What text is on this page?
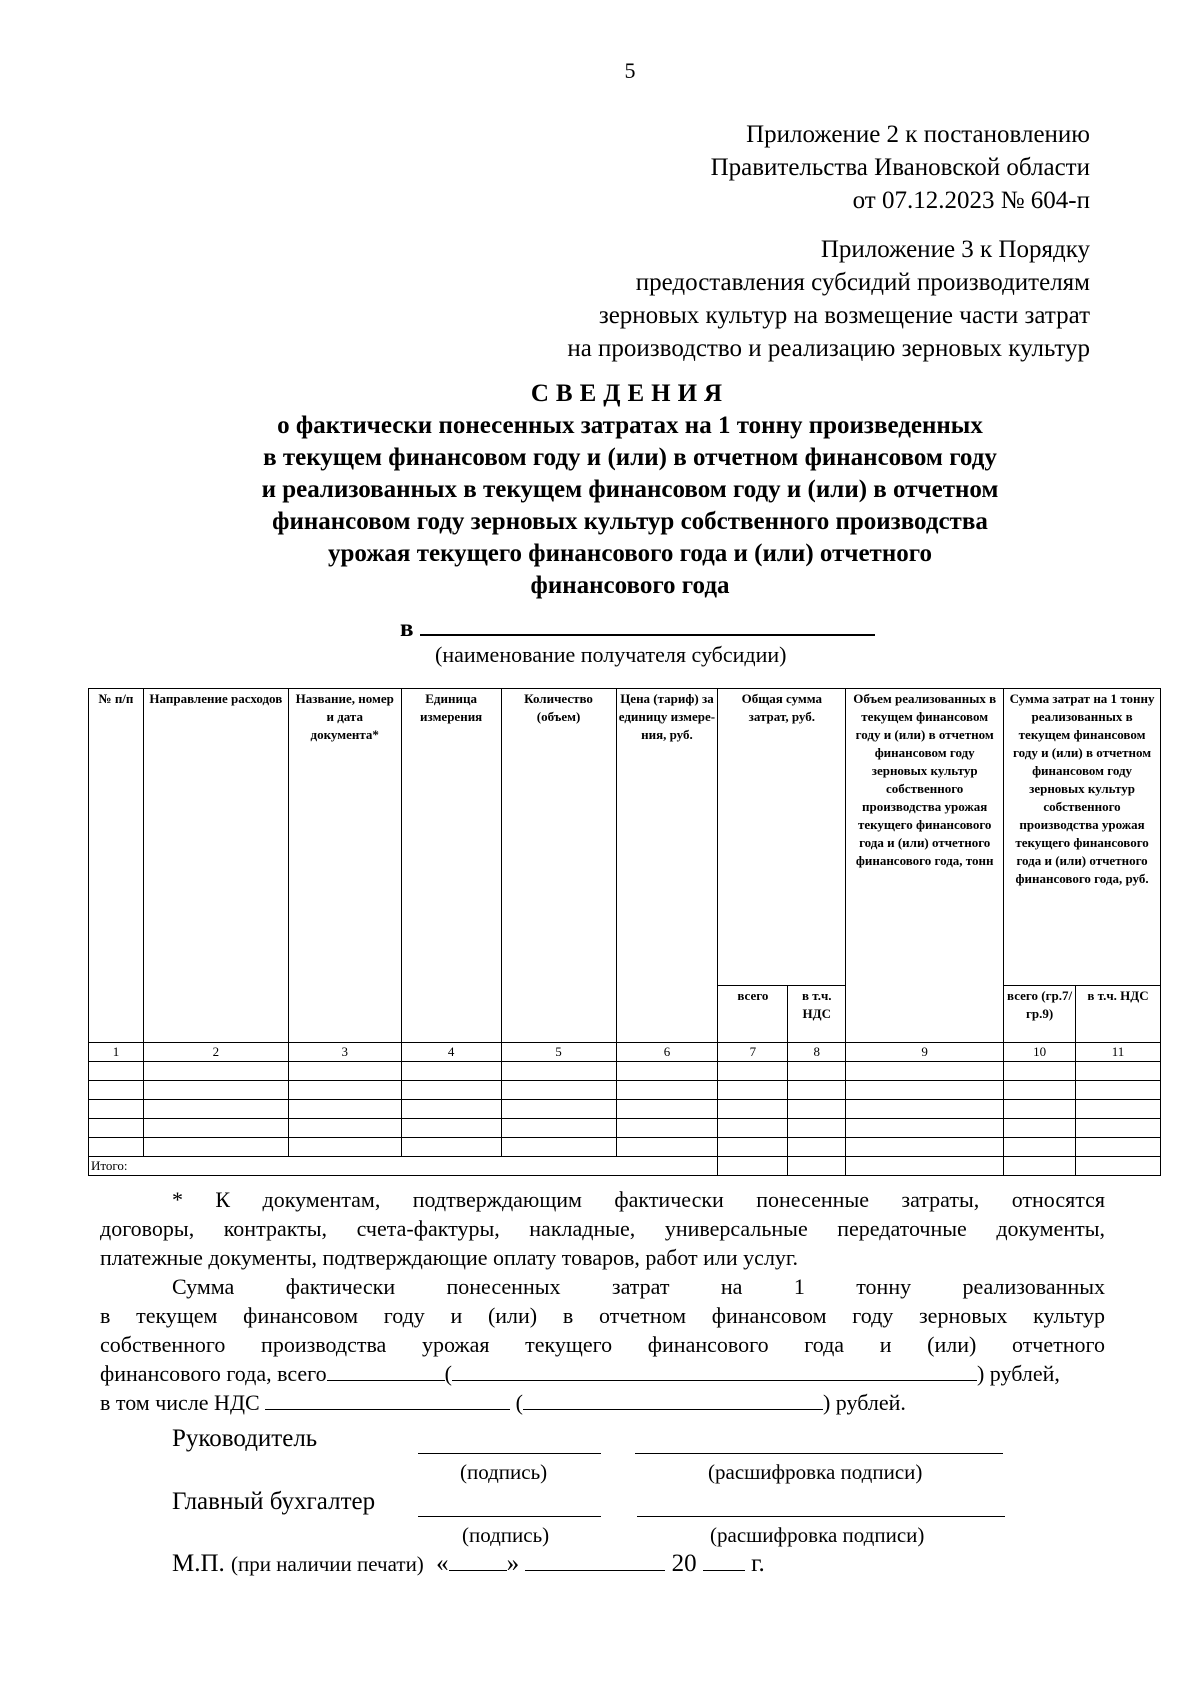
5
Приложение 2 к постановлению
Правительства Ивановской области
от 07.12.2023 № 604-п
Приложение 3 к Порядку
предоставления субсидий производителям
зерновых культур на возмещение части затрат
на производство и реализацию зерновых культур
СВЕДЕНИЯ
о фактически понесенных затратах на 1 тонну произведенных
в текущем финансовом году и (или) в отчетном финансовом году
и реализованных в текущем финансовом году и (или) в отчетном
финансовом году зерновых культур собственного производства
урожая текущего финансового года и (или) отчетного
финансового года
в
(наименование получателя субсидии)
№ п/п	Направление расходов	Название, номер и дата документа*	Единица измерения	Количество (объем)	Цена (тариф) за единицу измере-ния, руб.	Общая сумма затрат, руб.		Объем реализованных в текущем финансовом году и (или) в отчетном финансовом году зерновых культур собственного производства урожая текущего финансового года и (или) отчетного финансового года, тонн	Сумма затрат на 1 тонну реализованных в текущем финансовом году и (или) в отчетном финансовом году зерновых культур собственного производства урожая текущего финансового года и (или) отчетного финансового года, руб.	
						всего	в т.ч. НДС		всего (гр.7/ гр.9)	в т.ч. НДС
1	2	3	4	5	6	7	8	9	10	11

Итого:										
* К документам, подтверждающим фактически понесенные затраты, относятся
договоры, контракты, счета-фактуры, накладные, универсальные передаточные документы,
платежные документы, подтверждающие оплату товаров, работ или услуг.
Сумма фактически понесенных затрат на 1 тонну реализованных
в текущем финансовом году и (или) в отчетном финансовом году зерновых культур
собственного производства урожая текущего финансового года и (или) отчетного
финансового года, всего	(	) рублей,
в том числе НДС	(	) рублей.
Руководитель
(подпись)	(расшифровка подписи)
Главный бухгалтер
(подпись)	(расшифровка подписи)
М.П. (при наличии печати) « »	20 г.
